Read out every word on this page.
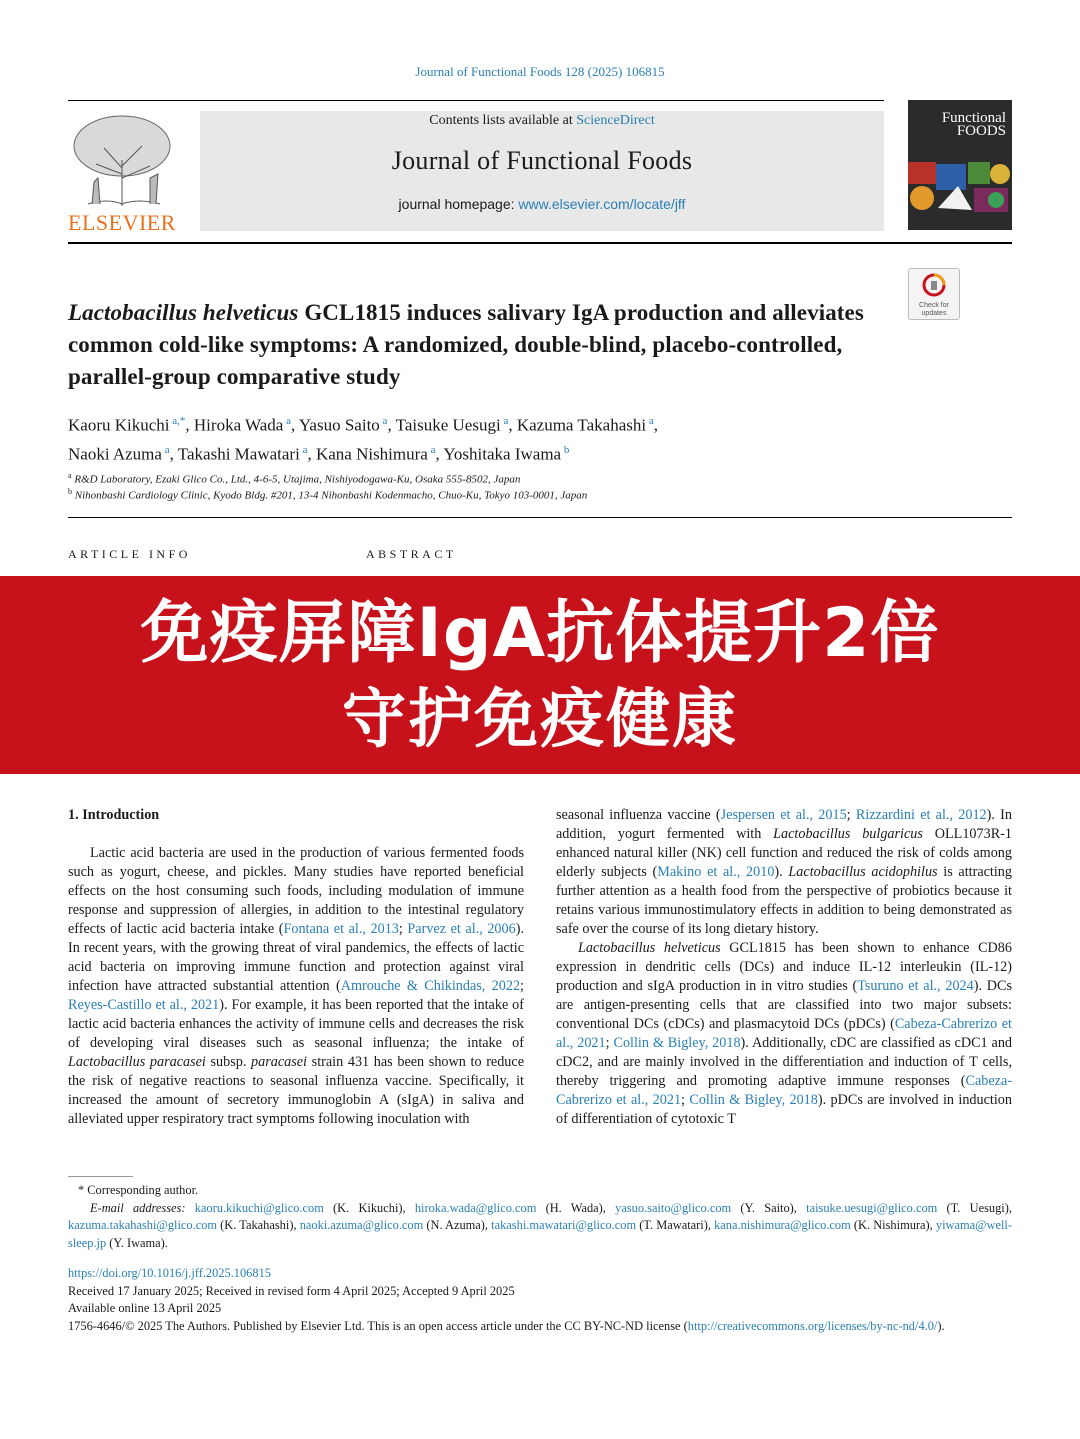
Journal of Functional Foods 128 (2025) 106815
ELSEVIER
Contents lists available at ScienceDirect
Journal of Functional Foods
journal homepage: www.elsevier.com/locate/jff
Functional
FOODS
Check for
updates
Lactobacillus helveticus GCL1815 induces salivary IgA production and alleviates common cold-like symptoms: A randomized, double-blind, placebo-controlled, parallel-group comparative study
Kaoru Kikuchi $^{a,*}$, Hiroka Wada $^a$, Yasuo Saito $^a$, Taisuke Uesugi $^a$, Kazuma Takahashi $^a$,
Naoki Azuma $^a$, Takashi Mawatari $^a$, Kana Nishimura $^a$, Yoshitaka Iwama $^b$
$^a$ R&D Laboratory, Ezaki Glico Co., Ltd., 4-6-5, Utajima, Nishiyodogawa-Ku, Osaka 555-8502, Japan
$^b$ Nihonbashi Cardiology Clinic, Kyodo Bldg. #201, 13-4 Nihonbashi Kodenmacho, Chuo-Ku, Tokyo 103-0001, Japan
ARTICLE INFO	ABSTRACT
免疫屏障IgA抗体提升2倍
守护免疫健康
1. Introduction

Lactic acid bacteria are used in the production of various fermented foods such as yogurt, cheese, and pickles. Many studies have reported beneficial effects on the host consuming such foods, including modulation of immune response and suppression of allergies, in addition to the intestinal regulatory effects of lactic acid bacteria intake (Fontana et al., 2013; Parvez et al., 2006). In recent years, with the growing threat of viral pandemics, the effects of lactic acid bacteria on improving immune function and protection against viral infection have attracted substantial attention (Amrouche & Chikindas, 2022; Reyes-Castillo et al., 2021). For example, it has been reported that the intake of lactic acid bacteria enhances the activity of immune cells and decreases the risk of developing viral diseases such as seasonal influenza; the intake of Lactobacillus paracasei subsp. paracasei strain 431 has been shown to reduce the risk of negative reactions to seasonal influenza vaccine. Specifically, it increased the amount of secretory immunoglobin A (sIgA) in saliva and alleviated upper respiratory tract symptoms following inoculation with

seasonal influenza vaccine (Jespersen et al., 2015; Rizzardini et al., 2012). In addition, yogurt fermented with Lactobacillus bulgaricus OLL1073R-1 enhanced natural killer (NK) cell function and reduced the risk of colds among elderly subjects (Makino et al., 2010). Lactobacillus acidophilus is attracting further attention as a health food from the perspective of probiotics because it retains various immunostimulatory effects in addition to being demonstrated as safe over the course of its long dietary history.

Lactobacillus helveticus GCL1815 has been shown to enhance CD86 expression in dendritic cells (DCs) and induce IL-12 interleukin (IL-12) production and sIgA production in in vitro studies (Tsuruno et al., 2024). DCs are antigen-presenting cells that are classified into two major subsets: conventional DCs (cDCs) and plasmacytoid DCs (pDCs) (Cabeza-Cabrerizo et al., 2021; Collin & Bigley, 2018). Additionally, cDC are classified as cDC1 and cDC2, and are mainly involved in the differentiation and induction of T cells, thereby triggering and promoting adaptive immune responses (Cabeza-Cabrerizo et al., 2021; Collin & Bigley, 2018). pDCs are involved in induction of differentiation of cytotoxic T

* Corresponding author.
E-mail addresses: kaoru.kikuchi@glico.com (K. Kikuchi), hiroka.wada@glico.com (H. Wada), yasuo.saito@glico.com (Y. Saito), taisuke.uesugi@glico.com (T. Uesugi), kazuma.takahashi@glico.com (K. Takahashi), naoki.azuma@glico.com (N. Azuma), takashi.mawatari@glico.com (T. Mawatari), kana.nishimura@glico.com (K. Nishimura), yiwama@well-sleep.jp (Y. Iwama).
https://doi.org/10.1016/j.jff.2025.106815
Received 17 January 2025; Received in revised form 4 April 2025; Accepted 9 April 2025
Available online 13 April 2025
1756-4646/© 2025 The Authors. Published by Elsevier Ltd. This is an open access article under the CC BY-NC-ND license (http://creativecommons.org/licenses/by-nc-nd/4.0/).
